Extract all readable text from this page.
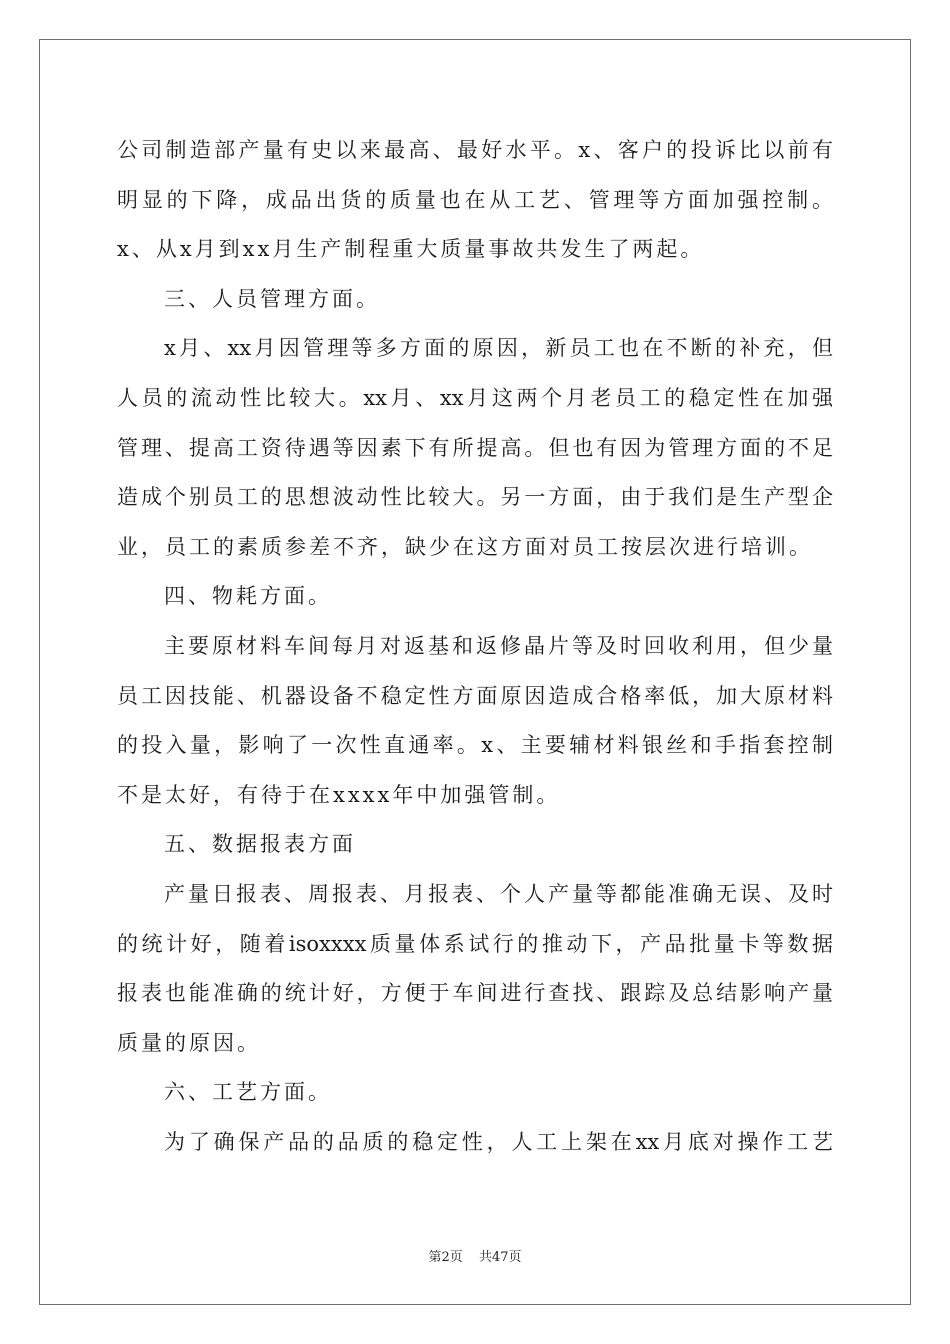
公司制造部产量有史以来最高、最好水平。x、客户的投诉比以前有
明显的下降，成品出货的质量也在从工艺、管理等方面加强控制。
x、从x月到xx月生产制程重大质量事故共发生了两起。
三、人员管理方面。
x月、xx月因管理等多方面的原因，新员工也在不断的补充，但
人员的流动性比较大。xx月、xx月这两个月老员工的稳定性在加强
管理、提高工资待遇等因素下有所提高。但也有因为管理方面的不足
造成个别员工的思想波动性比较大。另一方面，由于我们是生产型企
业，员工的素质参差不齐，缺少在这方面对员工按层次进行培训。
四、物耗方面。
主要原材料车间每月对返基和返修晶片等及时回收利用，但少量
员工因技能、机器设备不稳定性方面原因造成合格率低，加大原材料
的投入量，影响了一次性直通率。x、主要辅材料银丝和手指套控制
不是太好，有待于在xxxx年中加强管制。
五、数据报表方面
产量日报表、周报表、月报表、个人产量等都能准确无误、及时
的统计好，随着isoxxxx质量体系试行的推动下，产品批量卡等数据
报表也能准确的统计好，方便于车间进行查找、跟踪及总结影响产量
质量的原因。
六、工艺方面。
为了确保产品的品质的稳定性，人工上架在xx月底对操作工艺
第2页 共47页
